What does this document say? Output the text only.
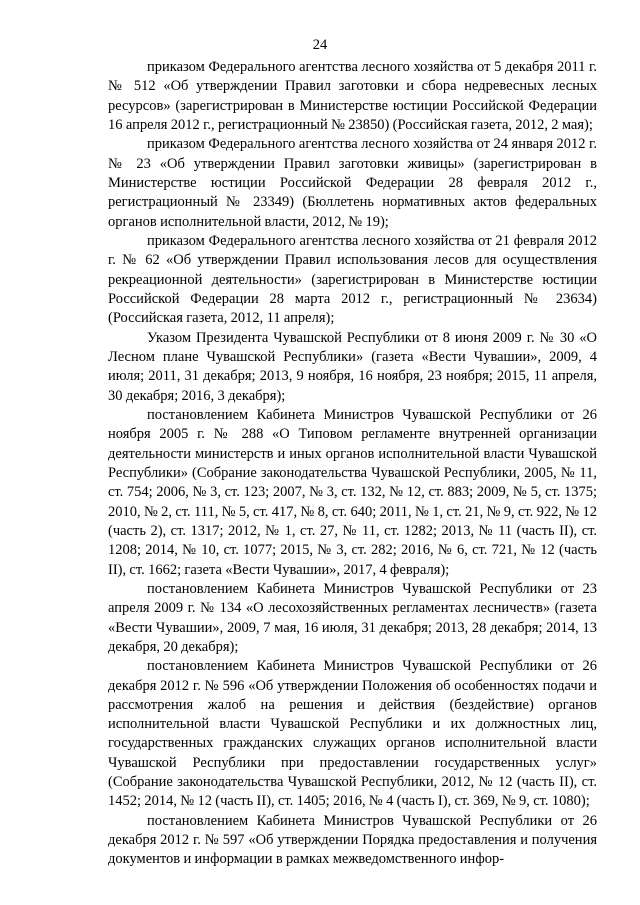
24

приказом Федерального агентства лесного хозяйства от 5 декабря 2011 г. № 512 «Об утверждении Правил заготовки и сбора недревесных лесных ресурсов» (зарегистрирован в Министерстве юстиции Российской Федерации 16 апреля 2012 г., регистрационный № 23850) (Российская газета, 2012, 2 мая);

приказом Федерального агентства лесного хозяйства от 24 января 2012 г. № 23 «Об утверждении Правил заготовки живицы» (зарегистрирован в Министерстве юстиции Российской Федерации 28 февраля 2012 г., регистрационный № 23349) (Бюллетень нормативных актов федеральных органов исполнительной власти, 2012, № 19);

приказом Федерального агентства лесного хозяйства от 21 февраля 2012 г. № 62 «Об утверждении Правил использования лесов для осуществления рекреационной деятельности» (зарегистрирован в Министерстве юстиции Российской Федерации 28 марта 2012 г., регистрационный № 23634) (Российская газета, 2012, 11 апреля);

Указом Президента Чувашской Республики от 8 июня 2009 г. № 30 «О Лесном плане Чувашской Республики» (газета «Вести Чувашии», 2009, 4 июля; 2011, 31 декабря; 2013, 9 ноября, 16 ноября, 23 ноября; 2015, 11 апреля, 30 декабря; 2016, 3 декабря);

постановлением Кабинета Министров Чувашской Республики от 26 ноября 2005 г. № 288 «О Типовом регламенте внутренней организации деятельности министерств и иных органов исполнительной власти Чувашской Республики» (Собрание законодательства Чувашской Республики, 2005, № 11, ст. 754; 2006, № 3, ст. 123; 2007, № 3, ст. 132, № 12, ст. 883; 2009, № 5, ст. 1375; 2010, № 2, ст. 111, № 5, ст. 417, № 8, ст. 640; 2011, № 1, ст. 21, № 9, ст. 922, № 12 (часть 2), ст. 1317; 2012, № 1, ст. 27, № 11, ст. 1282; 2013, № 11 (часть II), ст. 1208; 2014, № 10, ст. 1077; 2015, № 3, ст. 282; 2016, № 6, ст. 721, № 12 (часть II), ст. 1662; газета «Вести Чувашии», 2017, 4 февраля);

постановлением Кабинета Министров Чувашской Республики от 23 апреля 2009 г. № 134 «О лесохозяйственных регламентах лесничеств» (газета «Вести Чувашии», 2009, 7 мая, 16 июля, 31 декабря; 2013, 28 декабря; 2014, 13 декабря, 20 декабря);

постановлением Кабинета Министров Чувашской Республики от 26 декабря 2012 г. № 596 «Об утверждении Положения об особенностях подачи и рассмотрения жалоб на решения и действия (бездействие) органов исполнительной власти Чувашской Республики и их должностных лиц, государственных гражданских служащих органов исполнительной власти Чувашской Республики при предоставлении государственных услуг» (Собрание законодательства Чувашской Республики, 2012, № 12 (часть II), ст. 1452; 2014, № 12 (часть II), ст. 1405; 2016, № 4 (часть I), ст. 369, № 9, ст. 1080);

постановлением Кабинета Министров Чувашской Республики от 26 декабря 2012 г. № 597 «Об утверждении Порядка предоставления и получения документов и информации в рамках межведомственного инфор-
